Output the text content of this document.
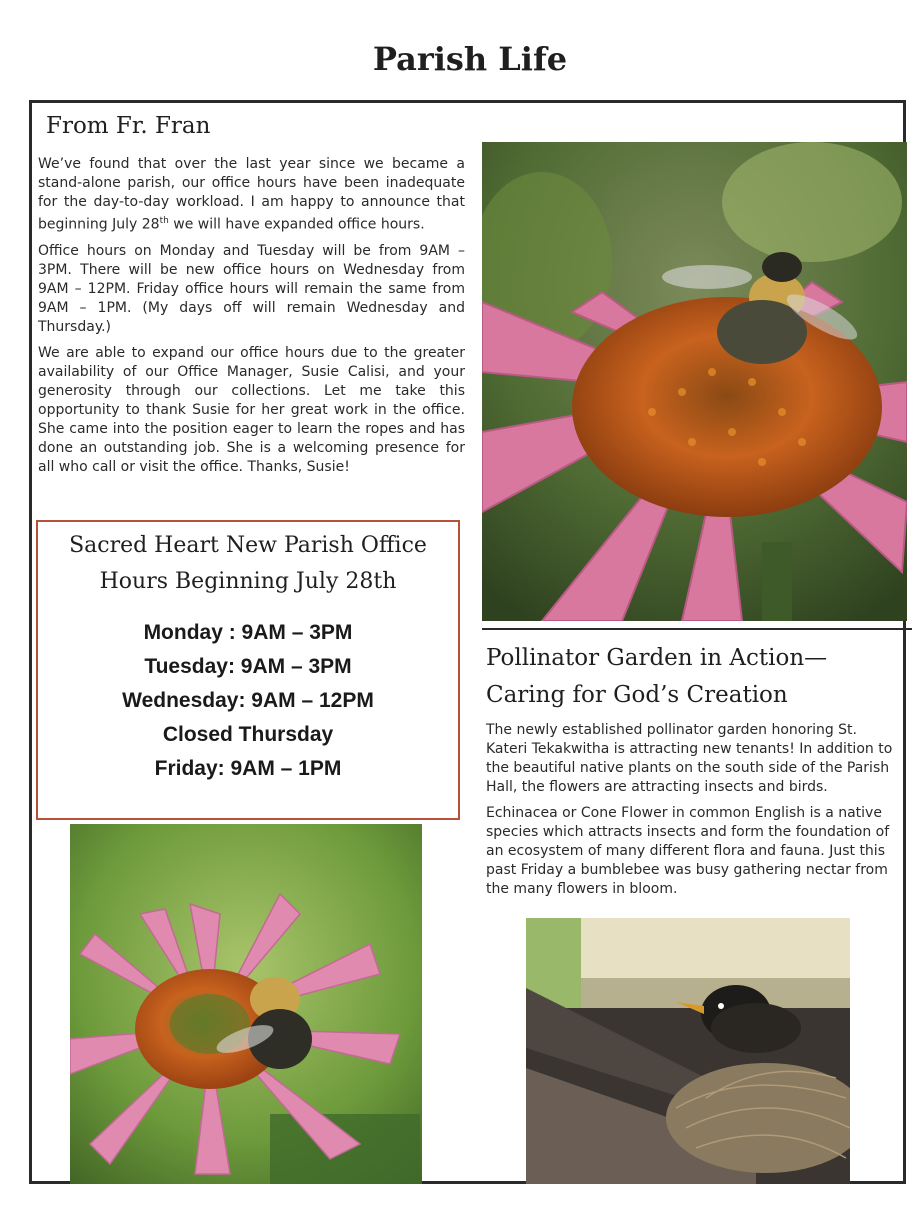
Parish Life
From Fr. Fran

We’ve found that over the last year since we became a stand-alone parish, our office hours have been inadequate for the day-to-day workload. I am happy to announce that beginning July 28th we will have expanded office hours.

Office hours on Monday and Tuesday will be from 9AM – 3PM. There will be new office hours on Wednesday from 9AM – 12PM. Friday office hours will remain the same from 9AM – 1PM. (My days off will remain Wednesday and Thursday.)

We are able to expand our office hours due to the greater availability of our Office Manager, Susie Calisi, and your generosity through our collections. Let me take this opportunity to thank Susie for her great work in the office. She came into the position eager to learn the ropes and has done an outstanding job. She is a welcoming presence for all who call or visit the office. Thanks, Susie!

Sacred Heart New Parish Office
Hours Beginning July 28th
Monday : 9AM – 3PM
Tuesday: 9AM – 3PM
Wednesday: 9AM – 12PM
Closed Thursday
Friday: 9AM – 1PM
Pollinator Garden in Action—
Caring for God’s Creation

The newly established pollinator garden honoring St. Kateri Tekakwitha is attracting new tenants! In addition to the beautiful native plants on the south side of the Parish Hall, the flowers are attracting insects and birds.

Echinacea or Cone Flower in common English is a native species which attracts insects and form the foundation of an ecosystem of many different flora and fauna. Just this past Friday a bumblebee was busy gathering nectar from the many flowers in bloom.
